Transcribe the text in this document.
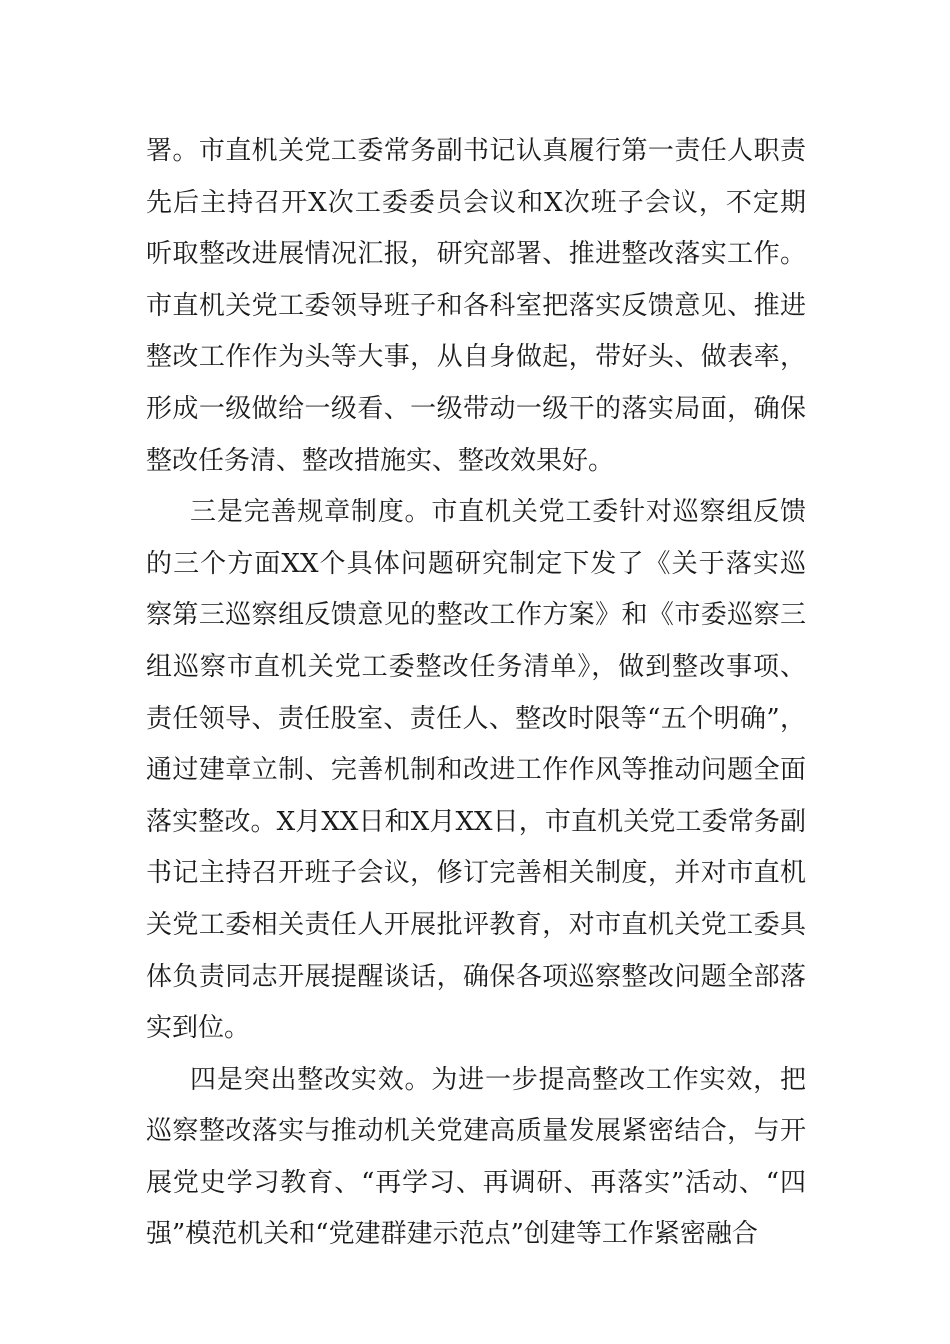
署。市直机关党工委常务副书记认真履行第一责任人职责先后主持召开X次工委委员会议和X次班子会议，不定期听取整改进展情况汇报，研究部署、推进整改落实工作。市直机关党工委领导班子和各科室把落实反馈意见、推进整改工作作为头等大事，从自身做起，带好头、做表率，形成一级做给一级看、一级带动一级干的落实局面，确保整改任务清、整改措施实、整改效果好。

三是完善规章制度。市直机关党工委针对巡察组反馈的三个方面XX个具体问题研究制定下发了《关于落实巡察第三巡察组反馈意见的整改工作方案》和《市委巡察三组巡察市直机关党工委整改任务清单》，做到整改事项、责任领导、责任股室、责任人、整改时限等“五个明确”，通过建章立制、完善机制和改进工作作风等推动问题全面落实整改。X月XX日和X月XX日，市直机关党工委常务副书记主持召开班子会议，修订完善相关制度，并对市直机关党工委相关责任人开展批评教育，对市直机关党工委具体负责同志开展提醒谈话，确保各项巡察整改问题全部落实到位。

四是突出整改实效。为进一步提高整改工作实效，把巡察整改落实与推动机关党建高质量发展紧密结合，与开展党史学习教育、“再学习、再调研、再落实”活动、“四强”模范机关和“党建群建示范点”创建等工作紧密融合
